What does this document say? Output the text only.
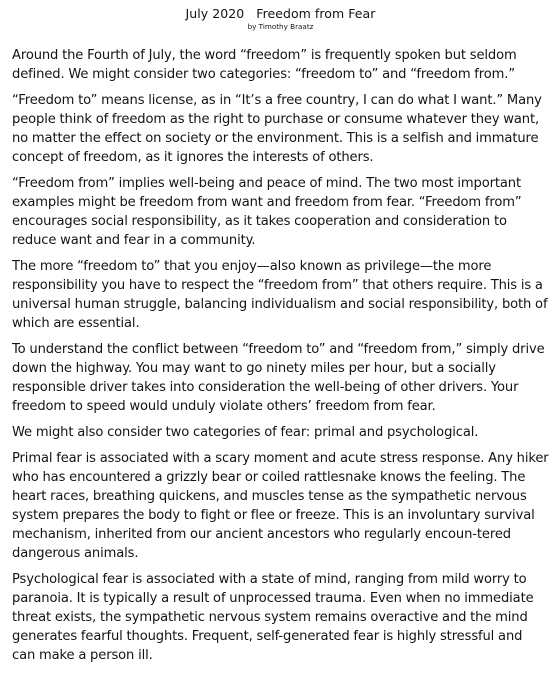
July 2020 Freedom from Fear
by Timothy Braatz

Around the Fourth of July, the word “freedom” is frequently spoken but seldom defined. We might consider two categories: “freedom to” and “freedom from.”

“Freedom to” means license, as in “It’s a free country, I can do what I want.” Many people think of freedom as the right to purchase or consume whatever they want, no matter the effect on society or the environment. This is a selfish and immature concept of freedom, as it ignores the interests of others.

“Freedom from” implies well-being and peace of mind. The two most important examples might be freedom from want and freedom from fear. “Freedom from” encourages social responsibility, as it takes cooperation and consideration to reduce want and fear in a community.

The more “freedom to” that you enjoy—also known as privilege—the more responsibility you have to respect the “freedom from” that others require. This is a universal human struggle, balancing individualism and social responsibility, both of which are essential.

To understand the conflict between “freedom to” and “freedom from,” simply drive down the highway. You may want to go ninety miles per hour, but a socially responsible driver takes into consideration the well-being of other drivers. Your freedom to speed would unduly violate others’ freedom from fear.

We might also consider two categories of fear: primal and psychological.

Primal fear is associated with a scary moment and acute stress response. Any hiker who has encountered a grizzly bear or coiled rattlesnake knows the feeling. The heart races, breathing quickens, and muscles tense as the sympathetic nervous system prepares the body to fight or flee or freeze. This is an involuntary survival mechanism, inherited from our ancient ancestors who regularly encoun-tered dangerous animals.

Psychological fear is associated with a state of mind, ranging from mild worry to paranoia. It is typically a result of unprocessed trauma. Even when no immediate threat exists, the sympathetic nervous system remains overactive and the mind generates fearful thoughts. Frequent, self-generated fear is highly stressful and can make a person ill.
